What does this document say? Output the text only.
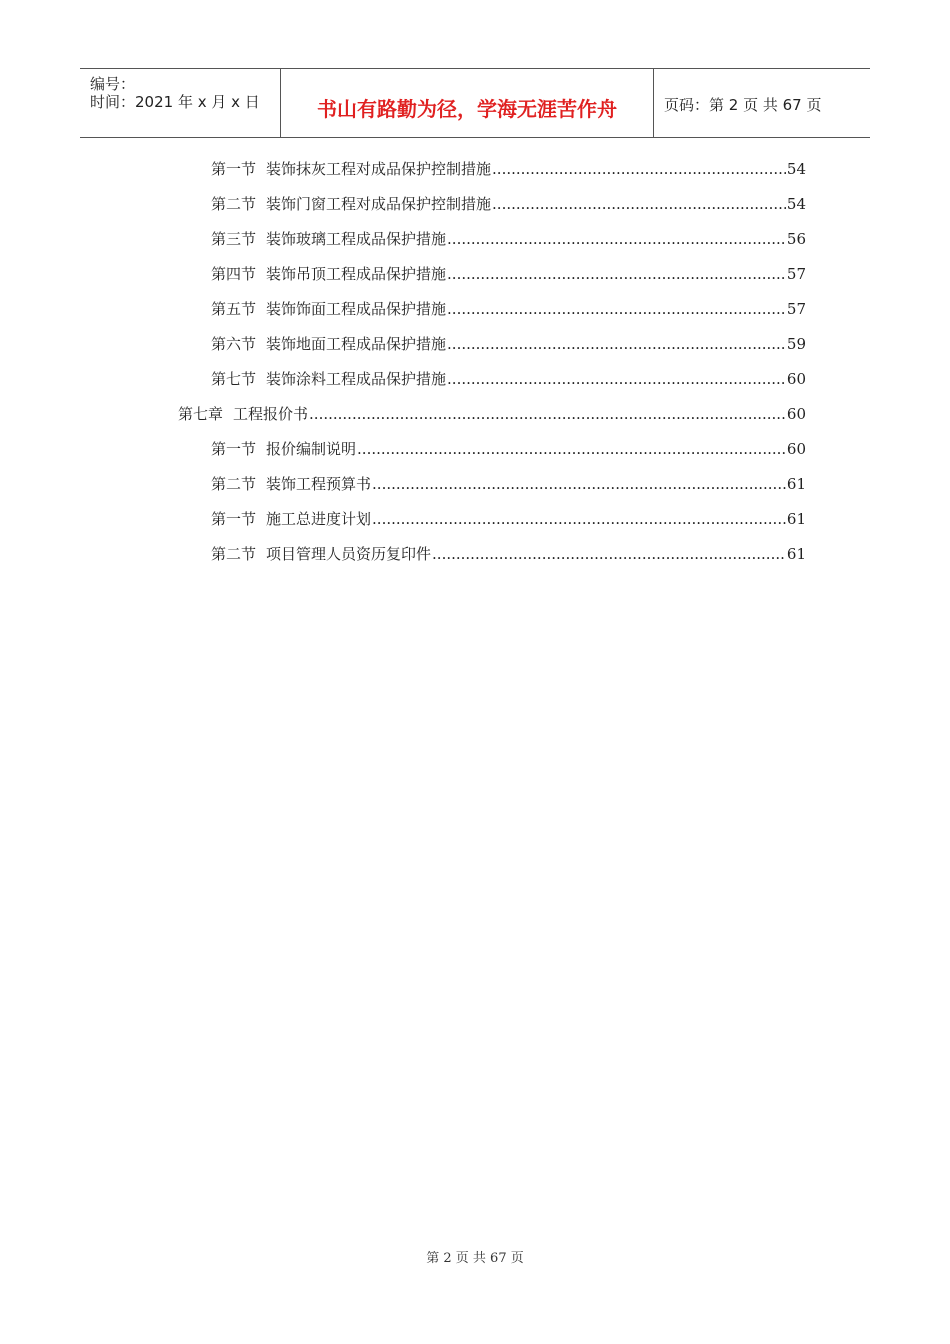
编号：
时间：2021 年 x 月 x 日	书山有路勤为径，学海无涯苦作舟	页码：第 2 页 共 67 页
第一节 装饰抹灰工程对成品保护控制措施 .....	54
第二节 装饰门窗工程对成品保护控制措施 .....	54
第三节 装饰玻璃工程成品保护措施 .....	56
第四节 装饰吊顶工程成品保护措施 .....	57
第五节 装饰饰面工程成品保护措施 .....	57
第六节 装饰地面工程成品保护措施 .....	59
第七节 装饰涂料工程成品保护措施 .....	60
第七章 工程报价书 .....	60
第一节 报价编制说明 .....	60
第二节 装饰工程预算书 .....	61
第一节 施工总进度计划 .....	61
第二节 项目管理人员资历复印件 .....	61
第 2 页 共 67 页
